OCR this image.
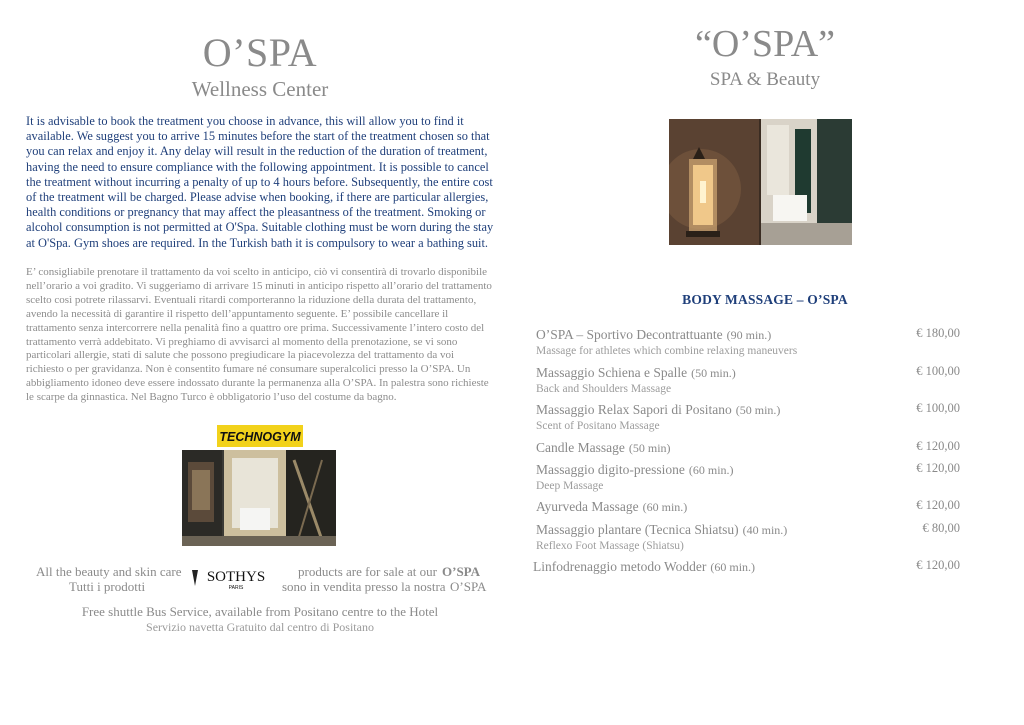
O’SPA
Wellness Center
It is advisable to book the treatment you choose in advance, this will allow you to find it available. We suggest you to arrive 15 minutes before the start of the treatment chosen so that you can relax and enjoy it. Any delay will result in the reduction of the duration of treatment, having the need to ensure compliance with the following appointment. It is possible to cancel the treatment without incurring a penalty of up to 4 hours before. Subsequently, the entire cost of the treatment will be charged. Please advise when booking, if there are particular allergies, health conditions or pregnancy that may affect the pleasantness of the treatment. Smoking or alcohol consumption is not permitted at O'Spa. Suitable clothing must be worn during the stay at O'Spa. Gym shoes are required. In the Turkish bath it is compulsory to wear a bathing suit.
E’ consigliabile prenotare il trattamento da voi scelto in anticipo, ciò vi consentirà di trovarlo disponibile nell’orario a voi gradito. Vi suggeriamo di arrivare 15 minuti in anticipo rispetto all’orario del trattamento scelto così potrete rilassarvi. Eventuali ritardi comporteranno la riduzione della durata del trattamento, avendo la necessità di garantire il rispetto dell’appuntamento seguente. E’ possibile cancellare il trattamento senza intercorrere nella penalità fino a quattro ore prima. Successivamente l’intero costo del trattamento verrà addebitato. Vi preghiamo di avvisarci al momento della prenotazione, se vi sono particolari allergie, stati di salute che possono pregiudicare la piacevolezza del trattamento da voi richiesto o per gravidanza. Non è consentito fumare né consumare superalcolici presso la O’SPA. Un abbigliamento idoneo deve essere indossato durante la permanenza alla O’SPA. In palestra sono richieste le scarpe da ginnastica. Nel Bagno Turco è obbligatorio l’uso del costume da bagno.
TECHNOGYM
All the beauty and skin care	products are for sale at our O’SPA
Tutti i prodotti	sono in vendita presso la nostra O’SPA
SOTHYS
PARIS
Free shuttle Bus Service, available from Positano centre to the Hotel
Servizio navetta Gratuito dal centro di Positano
“O’SPA”
SPA & Beauty
BODY MASSAGE – O’SPA
O’SPA – Sportivo Decontrattuante (90 min.)	€ 180,00
Massage for athletes which combine relaxing maneuvers
Massaggio Schiena e Spalle (50 min.)	€ 100,00
Back and Shoulders Massage
Massaggio Relax Sapori di Positano (50 min.)	€ 100,00
Scent of Positano Massage
Candle Massage (50 min)	€ 120,00
Massaggio digito-pressione (60 min.)	€ 120,00
Deep Massage
Ayurveda Massage (60 min.)	€ 120,00
Massaggio plantare (Tecnica Shiatsu) (40 min.)	€ 80,00
Reflexo Foot Massage (Shiatsu)
Linfodrenaggio metodo Wodder (60 min.)	€ 120,00
